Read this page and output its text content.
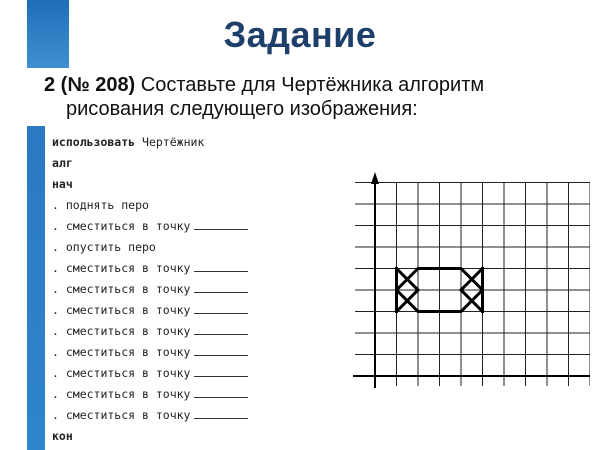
Задание
2 (№ 208) Составьте для Чертёжника алгоритм
рисования следующего изображения:
использовать Чертёжник
алг
нач
. поднять перо
. сместиться в точку
. опустить перо
. сместиться в точку
. сместиться в точку
. сместиться в точку
. сместиться в точку
. сместиться в точку
. сместиться в точку
. сместиться в точку
. сместиться в точку
кон
